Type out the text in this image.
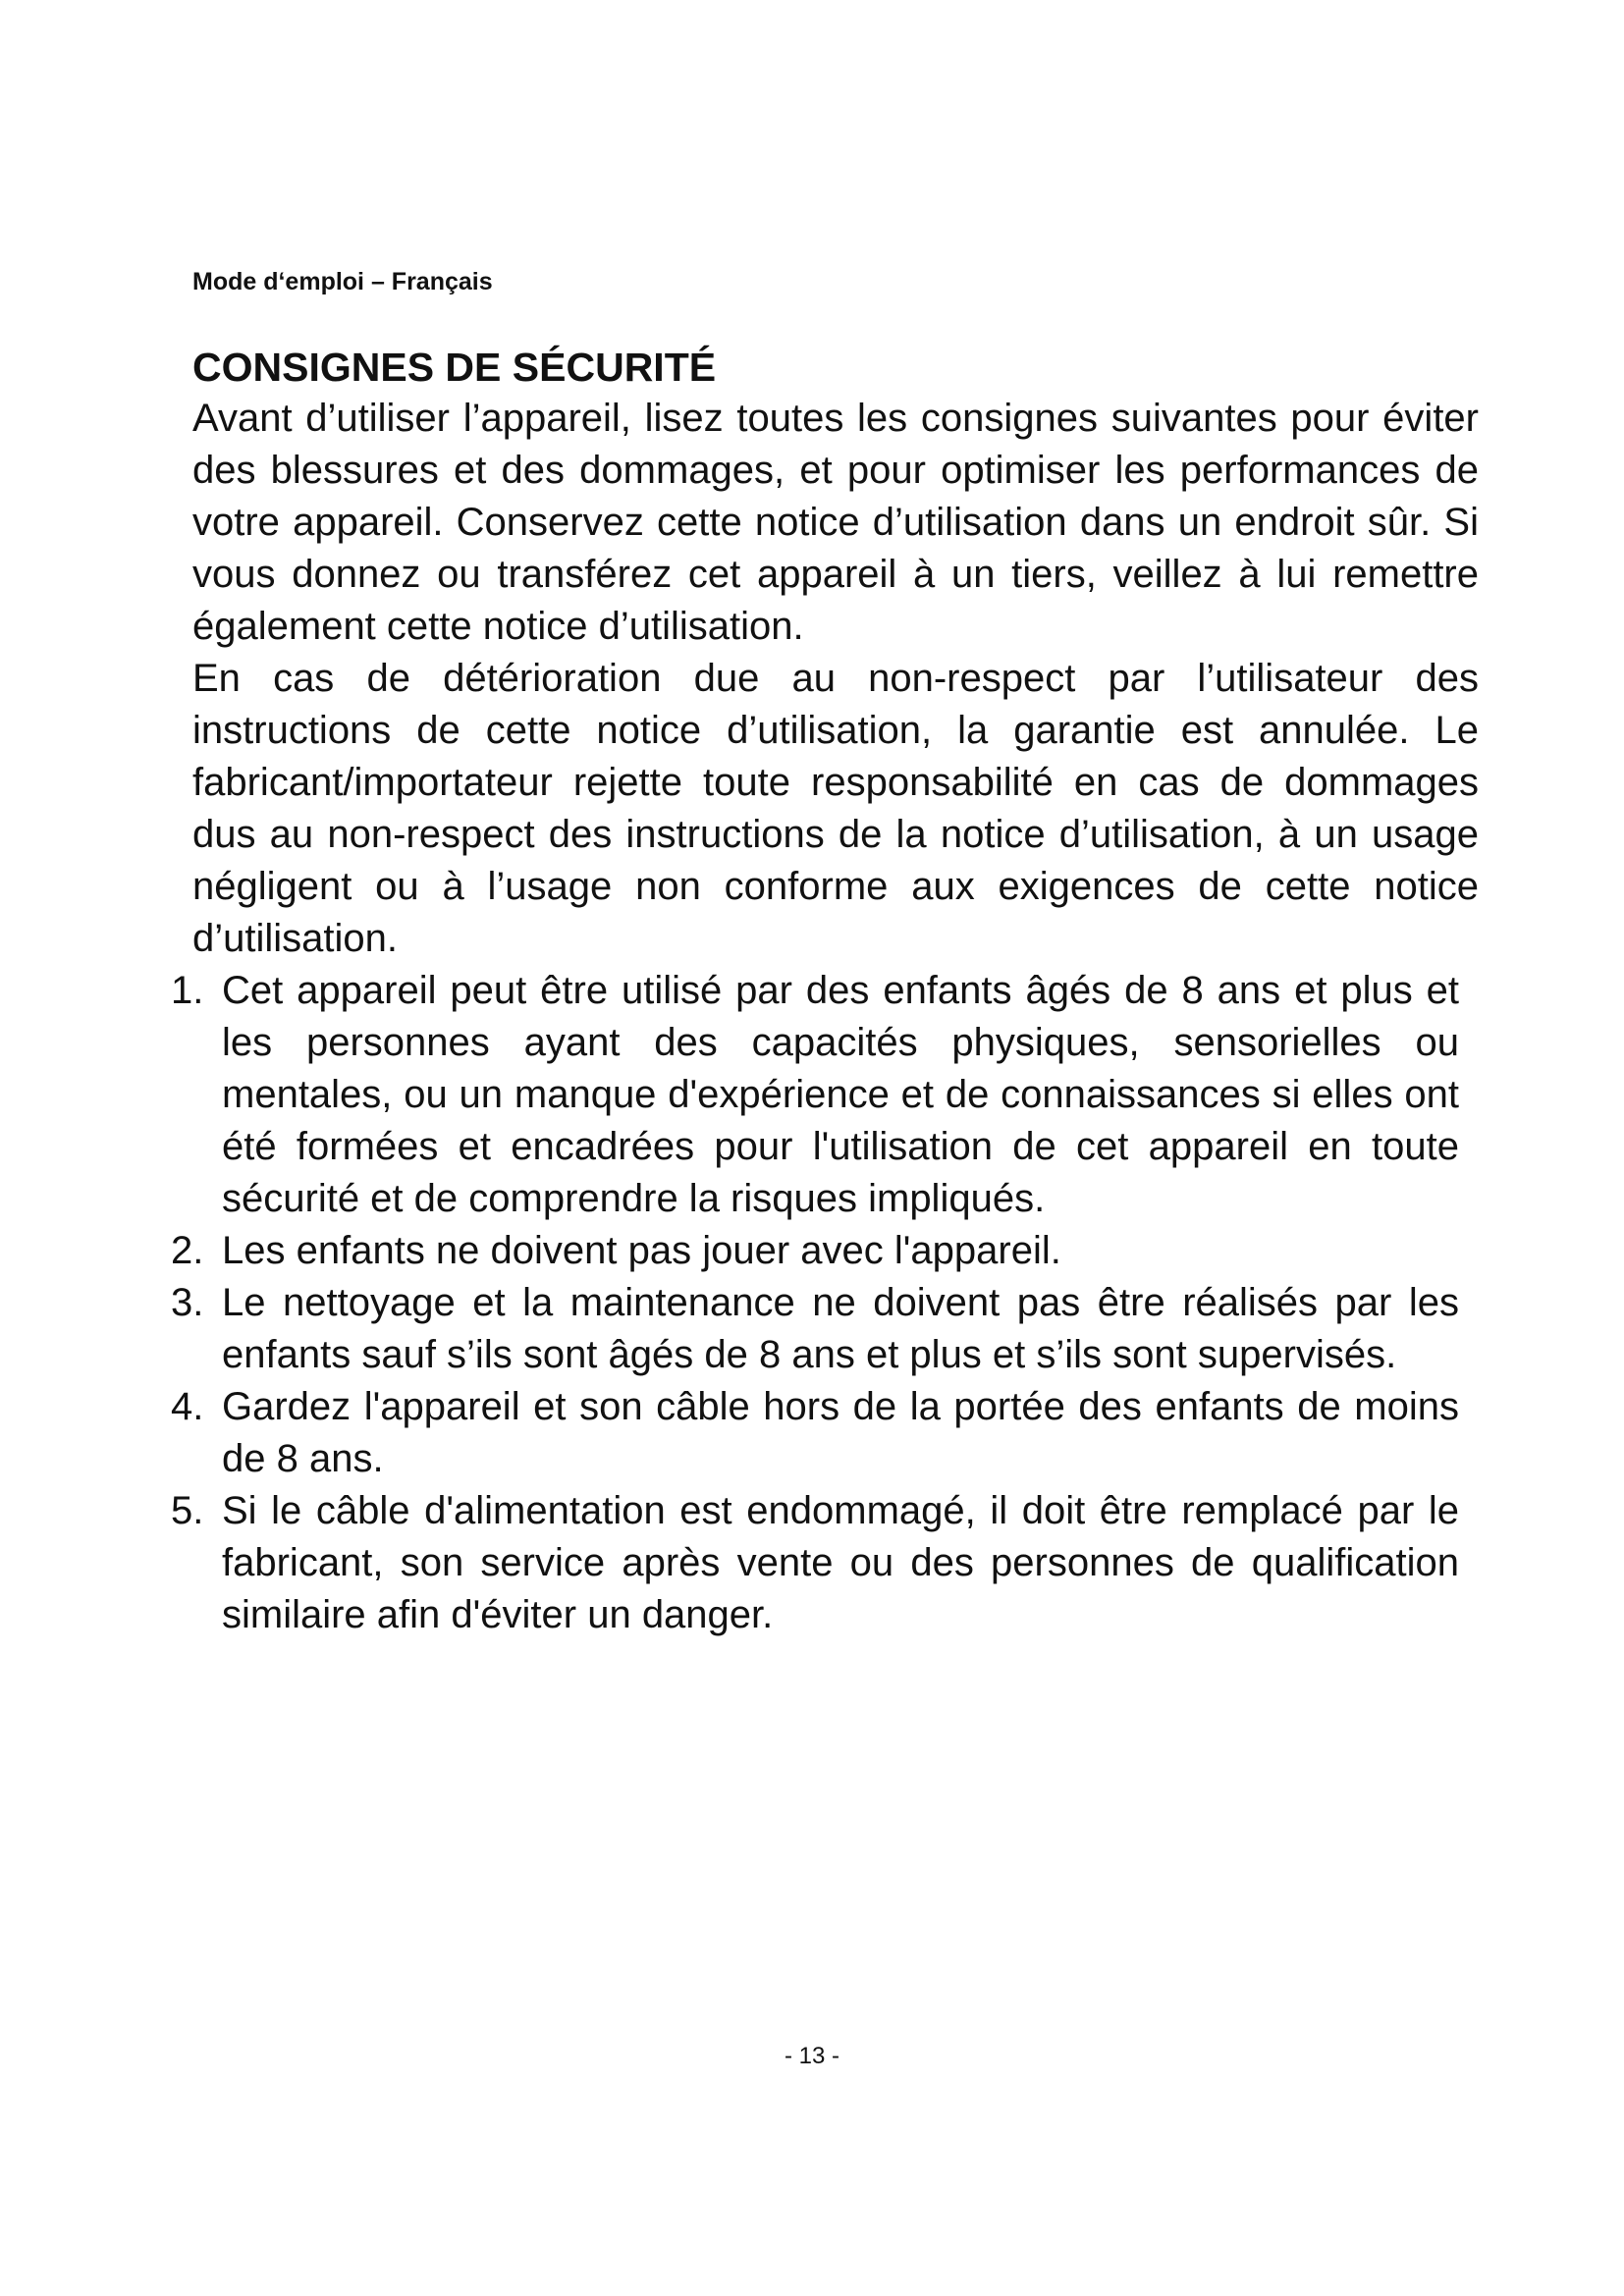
Mode d‘emploi – Français
CONSIGNES DE SÉCURITÉ

Avant d’utiliser l’appareil, lisez toutes les consignes suivantes pour éviter des blessures et des dommages, et pour optimiser les performances de votre appareil. Conservez cette notice d’utilisation dans un endroit sûr. Si vous donnez ou transférez cet appareil à un tiers, veillez à lui remettre également cette notice d’utilisation.

En cas de détérioration due au non-respect par l’utilisateur des instructions de cette notice d’utilisation, la garantie est annulée. Le fabricant/importateur rejette toute responsabilité en cas de dommages dus au non-respect des instructions de la notice d’utilisation, à un usage négligent ou à l’usage non conforme aux exigences de cette notice d’utilisation.

1. Cet appareil peut être utilisé par des enfants âgés de 8 ans et plus et les personnes ayant des capacités physiques, sensorielles ou mentales, ou un manque d'expérience et de connaissances si elles ont été formées et encadrées pour l'utilisation de cet appareil en toute sécurité et de comprendre la risques impliqués.
2. Les enfants ne doivent pas jouer avec l'appareil.
3. Le nettoyage et la maintenance ne doivent pas être réalisés par les enfants sauf s’ils sont âgés de 8 ans et plus et s’ils sont supervisés.
4. Gardez l'appareil et son câble hors de la portée des enfants de moins de 8 ans.
5. Si le câble d'alimentation est endommagé, il doit être remplacé par le fabricant, son service après vente ou des personnes de qualification similaire afin d'éviter un danger.
- 13 -
